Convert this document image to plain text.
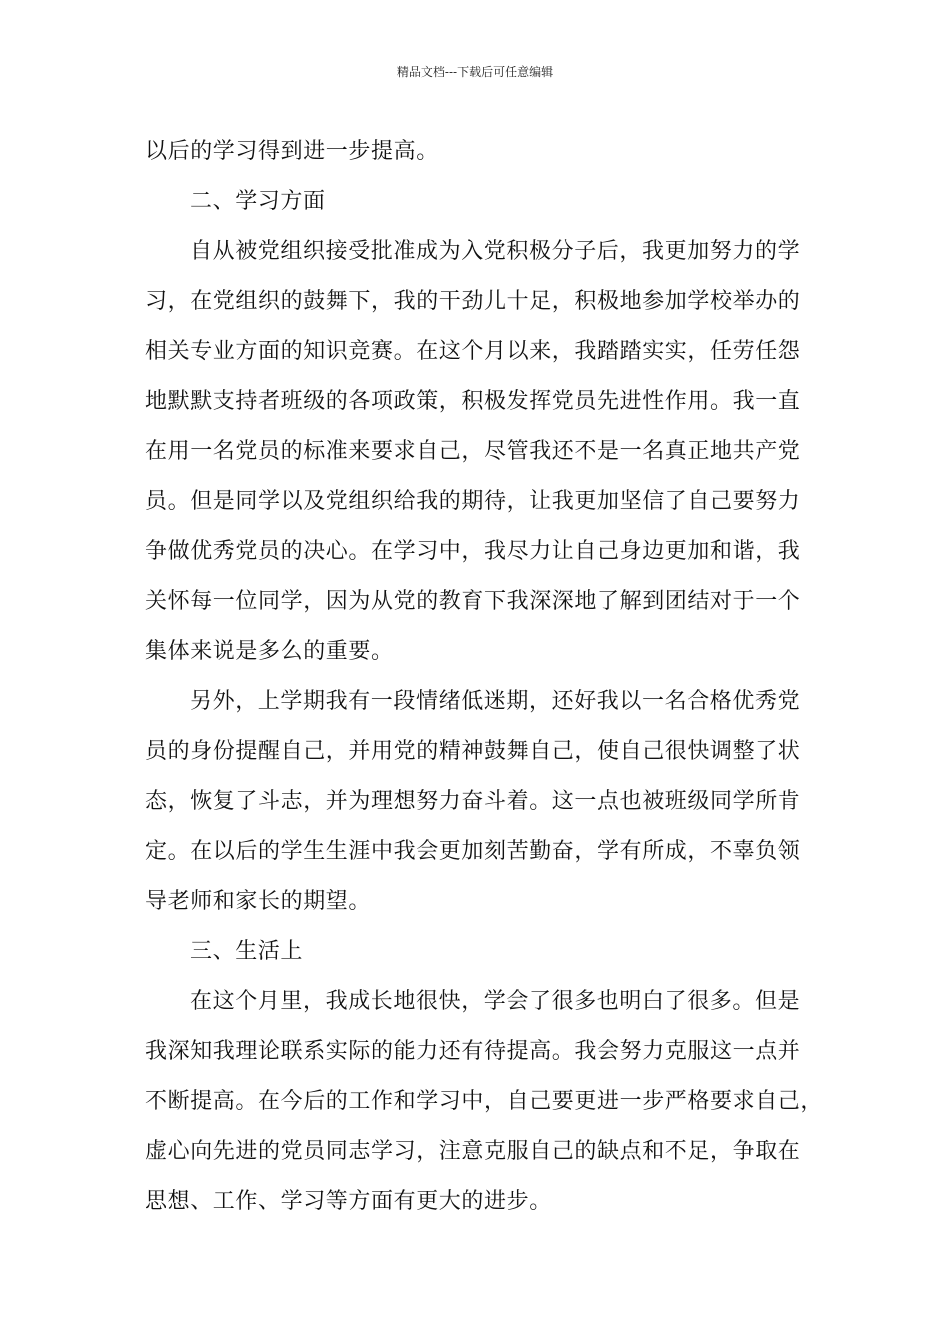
精品文档---下载后可任意编辑
以后的学习得到进一步提高。
二、学习方面
自从被党组织接受批准成为入党积极分子后，我更加努力的学
习，在党组织的鼓舞下，我的干劲儿十足，积极地参加学校举办的
相关专业方面的知识竞赛。在这个月以来，我踏踏实实，任劳任怨
地默默支持者班级的各项政策，积极发挥党员先进性作用。我一直
在用一名党员的标准来要求自己，尽管我还不是一名真正地共产党
员。但是同学以及党组织给我的期待，让我更加坚信了自己要努力
争做优秀党员的决心。在学习中，我尽力让自己身边更加和谐，我
关怀每一位同学，因为从党的教育下我深深地了解到团结对于一个
集体来说是多么的重要。
另外，上学期我有一段情绪低迷期，还好我以一名合格优秀党
员的身份提醒自己，并用党的精神鼓舞自己，使自己很快调整了状
态，恢复了斗志，并为理想努力奋斗着。这一点也被班级同学所肯
定。在以后的学生生涯中我会更加刻苦勤奋，学有所成，不辜负领
导老师和家长的期望。
三、生活上
在这个月里，我成长地很快，学会了很多也明白了很多。但是
我深知我理论联系实际的能力还有待提高。我会努力克服这一点并
不断提高。在今后的工作和学习中，自己要更进一步严格要求自己，
虚心向先进的党员同志学习，注意克服自己的缺点和不足，争取在
思想、工作、学习等方面有更大的进步。
